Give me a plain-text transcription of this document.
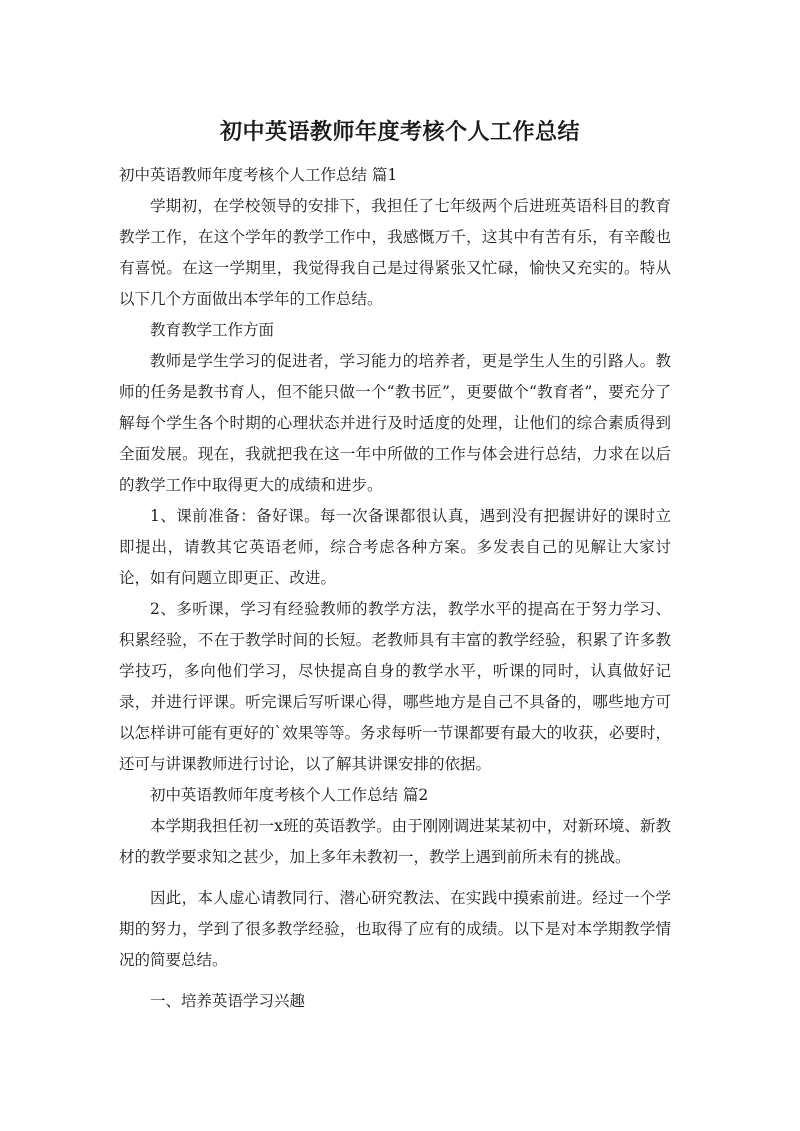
初中英语教师年度考核个人工作总结

初中英语教师年度考核个人工作总结 篇1

学期初，在学校领导的安排下，我担任了七年级两个后进班英语科目的教育教学工作，在这个学年的教学工作中，我感慨万千，这其中有苦有乐，有辛酸也有喜悦。在这一学期里，我觉得我自己是过得紧张又忙碌，愉快又充实的。特从以下几个方面做出本学年的工作总结。

教育教学工作方面

教师是学生学习的促进者，学习能力的培养者，更是学生人生的引路人。教师的任务是教书育人，但不能只做一个“教书匠”，更要做个“教育者”，要充分了解每个学生各个时期的心理状态并进行及时适度的处理，让他们的综合素质得到全面发展。现在，我就把我在这一年中所做的工作与体会进行总结，力求在以后的教学工作中取得更大的成绩和进步。

1、课前准备：备好课。每一次备课都很认真，遇到没有把握讲好的课时立即提出，请教其它英语老师，综合考虑各种方案。多发表自己的见解让大家讨论，如有问题立即更正、改进。

2、多听课，学习有经验教师的教学方法，教学水平的提高在于努力学习、积累经验，不在于教学时间的长短。老教师具有丰富的教学经验，积累了许多教学技巧，多向他们学习，尽快提高自身的教学水平，听课的同时，认真做好记录，并进行评课。听完课后写听课心得，哪些地方是自己不具备的，哪些地方可以怎样讲可能有更好的`效果等等。务求每听一节课都要有最大的收获，必要时，还可与讲课教师进行讨论，以了解其讲课安排的依据。

初中英语教师年度考核个人工作总结 篇2

本学期我担任初一x班的英语教学。由于刚刚调进某某初中，对新环境、新教材的教学要求知之甚少，加上多年未教初一，教学上遇到前所未有的挑战。

因此，本人虚心请教同行、潜心研究教法、在实践中摸索前进。经过一个学期的努力，学到了很多教学经验，也取得了应有的成绩。以下是对本学期教学情况的简要总结。

一、培养英语学习兴趣
